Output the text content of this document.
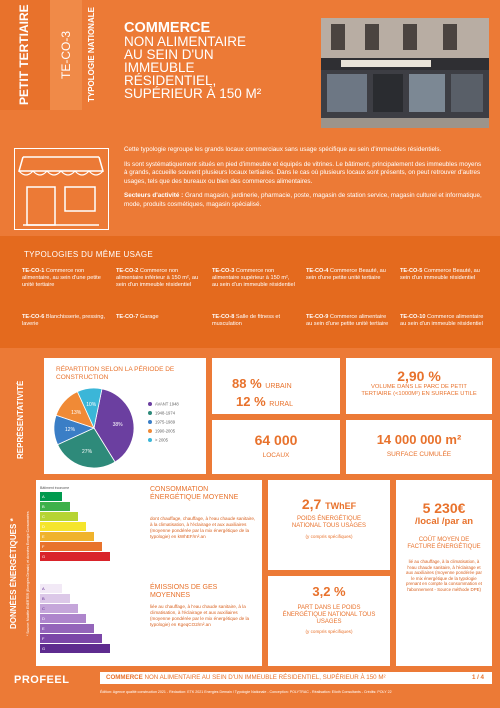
PETIT TERTIAIRE	TE-CO-3	TYPOLOGIE NATIONALE	COMMERCE
NON ALIMENTAIRE
AU SEIN D'UN
IMMEUBLE
RÉSIDENTIEL,
SUPÉRIEUR À 150 M²

Cette typologie regroupe les grands locaux commerciaux sans usage spécifique au sein d'immeubles résidentiels.

Ils sont systématiquement situés en pied d'immeuble et équipés de vitrines. Le bâtiment, principalement des immeubles moyens à grands, accueille souvent plusieurs locaux tertiaires. Dans le cas où plusieurs locaux sont présents, on peut retrouver d'autres usages, tels que des bureaux ou bien des commerces alimentaires.

Secteurs d'activité : Grand magasin, jardinerie, pharmacie, poste, magasin de station service, magasin culturel et informatique, mode, produits cosmétiques, magasin spécialisé.

TYPOLOGIES DU MÊME USAGE
TE-CO-1 Commerce non alimentaire, au sein d'une petite unité tertiaire
TE-CO-2 Commerce non alimentaire inférieur à 150 m², au sein d'un immeuble résidentiel
TE-CO-3 Commerce non alimentaire supérieur à 150 m², au sein d'un immeuble résidentiel
TE-CO-4 Commerce Beauté, au sein d'une petite unité tertiaire
TE-CO-5 Commerce Beauté, au sein d'un immeuble résidentiel
TE-CO-6 Blanchisserie, pressing, laverie
TE-CO-7 Garage	TE-CO-8 Salle de fitness et musculation
TE-CO-9 Commerce alimentaire au sein d'une petite unité tertiaire
TE-CO-10 Commerce alimentaire au sein d'un immeuble résidentiel
REPRÉSENTATIVITÉ
RÉPARTITION SELON LA PÉRIODE DE CONSTRUCTION
38%
27%
12%
13%
10%	AVANT 1948
1948-1974
1975-1989
1990-2005
> 2005
88 % URBAIN
12 % RURAL
2,90 %
VOLUME DANS LE PARC DE PETIT TERTIAIRE (<1000M²) EN SURFACE UTILE
64 000
LOCAUX
14 000 000 m²
SURFACE CUMULÉE
DONNÉES ÉNERGÉTIQUES *	* Source: Modèle ENERTER (Energies Demain) et données Energie Consommées
Bâtiment économe
A
B
C
D
E
F
G
CONSOMMATION ÉNERGÉTIQUE MOYENNE
dont chauffage, chauffage, à l'eau chaude sanitaire, à la climatisation, à l'éclairage et aux auxiliaires (moyenne pondérée par la mix énergétique de la typologie) en kWhEF/m².an
A
B
C
D
E
F
G
ÉMISSIONS DE GES MOYENNES
liée au chauffage, à l'eau chaude sanitaire, à la climatisation, à l'éclairage et aux auxiliaires (moyenne pondérée par le mix énergétique de la typologie) en KgeqCO2/m².an
2,7 TWhEF
POIDS ÉNERGÉTIQUE NATIONAL TOUS USAGES
(y compris spécifiques)
3,2 %
PART DANS LE POIDS ÉNERGÉTIQUE NATIONAL TOUS USAGES
(y compris spécifiques)
5 230€
/local /par an
COÛT MOYEN DE FACTURE ÉNERGÉTIQUE
lié au chauffage, à la climatisation, à l'eau chaude sanitaire, à l'éclairage et aux auxiliaires (moyenne pondérée par le mix énergétique de la typologie prenant en compte la consommation et l'abonnement - Source méthode DPE)
COMMERCE NON ALIMENTAIRE AU SEIN D'UN IMMEUBLE RÉSIDENTIEL, SUPÉRIEUR À 150 M²	1 / 4
PROFEEL
Édition: Agence qualité construction 2021 - Rédaction: ETK 2021 Energies Demain / Typologie Nationale - Conception: POLYTRAC - Réalisation: Elioth Consultants - Crédits: POLY 22
